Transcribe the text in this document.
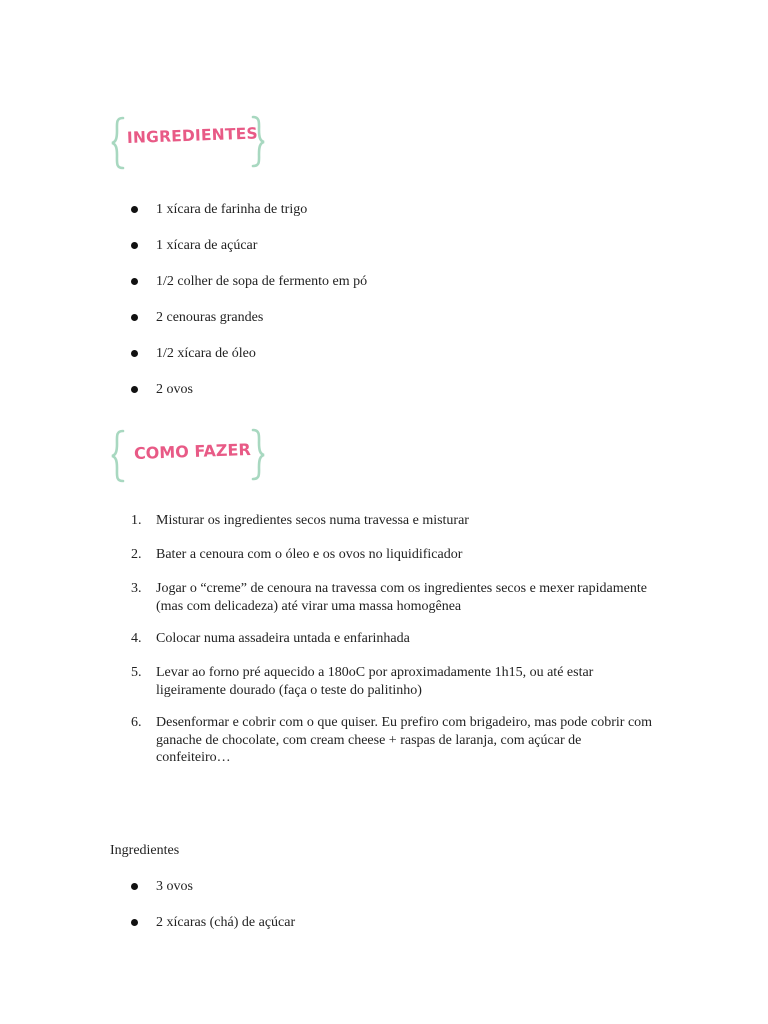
INGREDIENTES
1 xícara de farinha de trigo
1 xícara de açúcar
1/2 colher de sopa de fermento em pó
2 cenouras grandes
1/2 xícara de óleo
2 ovos
COMO FAZER
1. Misturar os ingredientes secos numa travessa e misturar
2. Bater a cenoura com o óleo e os ovos no liquidificador
3. Jogar o “creme” de cenoura na travessa com os ingredientes secos e mexer rapidamente (mas com delicadeza) até virar uma massa homogênea
4. Colocar numa assadeira untada e enfarinhada
5. Levar ao forno pré aquecido a 180oC por aproximadamente 1h15, ou até estar ligeiramente dourado (faça o teste do palitinho)
6. Desenformar e cobrir com o que quiser. Eu prefiro com brigadeiro, mas pode cobrir com ganache de chocolate, com cream cheese + raspas de laranja, com açúcar de confeiteiro…
Ingredientes
3 ovos
2 xícaras (chá) de açúcar
